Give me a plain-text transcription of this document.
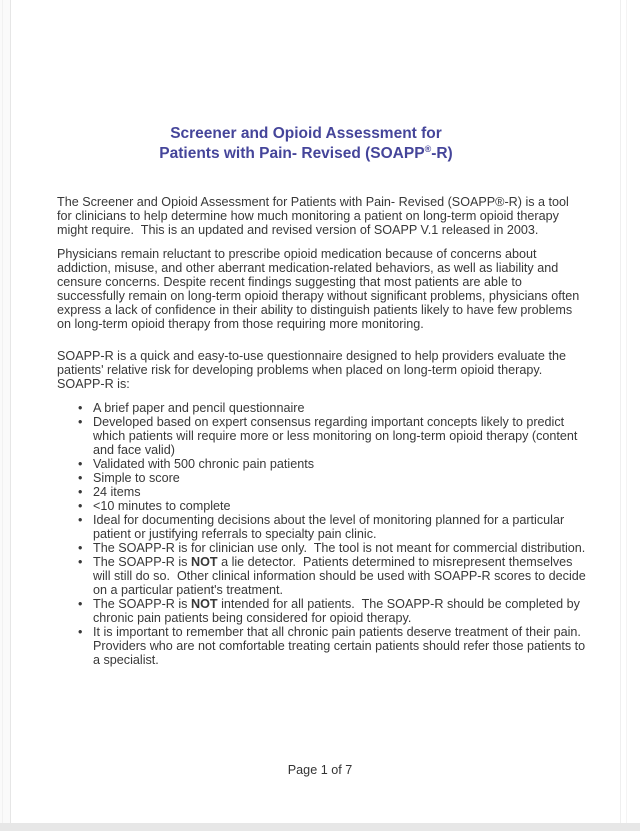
Screener and Opioid Assessment for
Patients with Pain- Revised (SOAPP®-R)

The Screener and Opioid Assessment for Patients with Pain- Revised (SOAPP®-R) is a tool for clinicians to help determine how much monitoring a patient on long-term opioid therapy might require.  This is an updated and revised version of SOAPP V.1 released in 2003.

Physicians remain reluctant to prescribe opioid medication because of concerns about addiction, misuse, and other aberrant medication-related behaviors, as well as liability and censure concerns. Despite recent findings suggesting that most patients are able to successfully remain on long-term opioid therapy without significant problems, physicians often express a lack of confidence in their ability to distinguish patients likely to have few problems on long-term opioid therapy from those requiring more monitoring.

SOAPP-R is a quick and easy-to-use questionnaire designed to help providers evaluate the patients' relative risk for developing problems when placed on long-term opioid therapy.  SOAPP-R is:

• A brief paper and pencil questionnaire
• Developed based on expert consensus regarding important concepts likely to predict which patients will require more or less monitoring on long-term opioid therapy (content and face valid)
• Validated with 500 chronic pain patients
• Simple to score
• 24 items
• <10 minutes to complete
• Ideal for documenting decisions about the level of monitoring planned for a particular patient or justifying referrals to specialty pain clinic.
• The SOAPP-R is for clinician use only.  The tool is not meant for commercial distribution.
• The SOAPP-R is NOT a lie detector.  Patients determined to misrepresent themselves will still do so.  Other clinical information should be used with SOAPP-R scores to decide on a particular patient's treatment.
• The SOAPP-R is NOT intended for all patients.  The SOAPP-R should be completed by chronic pain patients being considered for opioid therapy.
• It is important to remember that all chronic pain patients deserve treatment of their pain.  Providers who are not comfortable treating certain patients should refer those patients to a specialist.
Page 1 of 7
